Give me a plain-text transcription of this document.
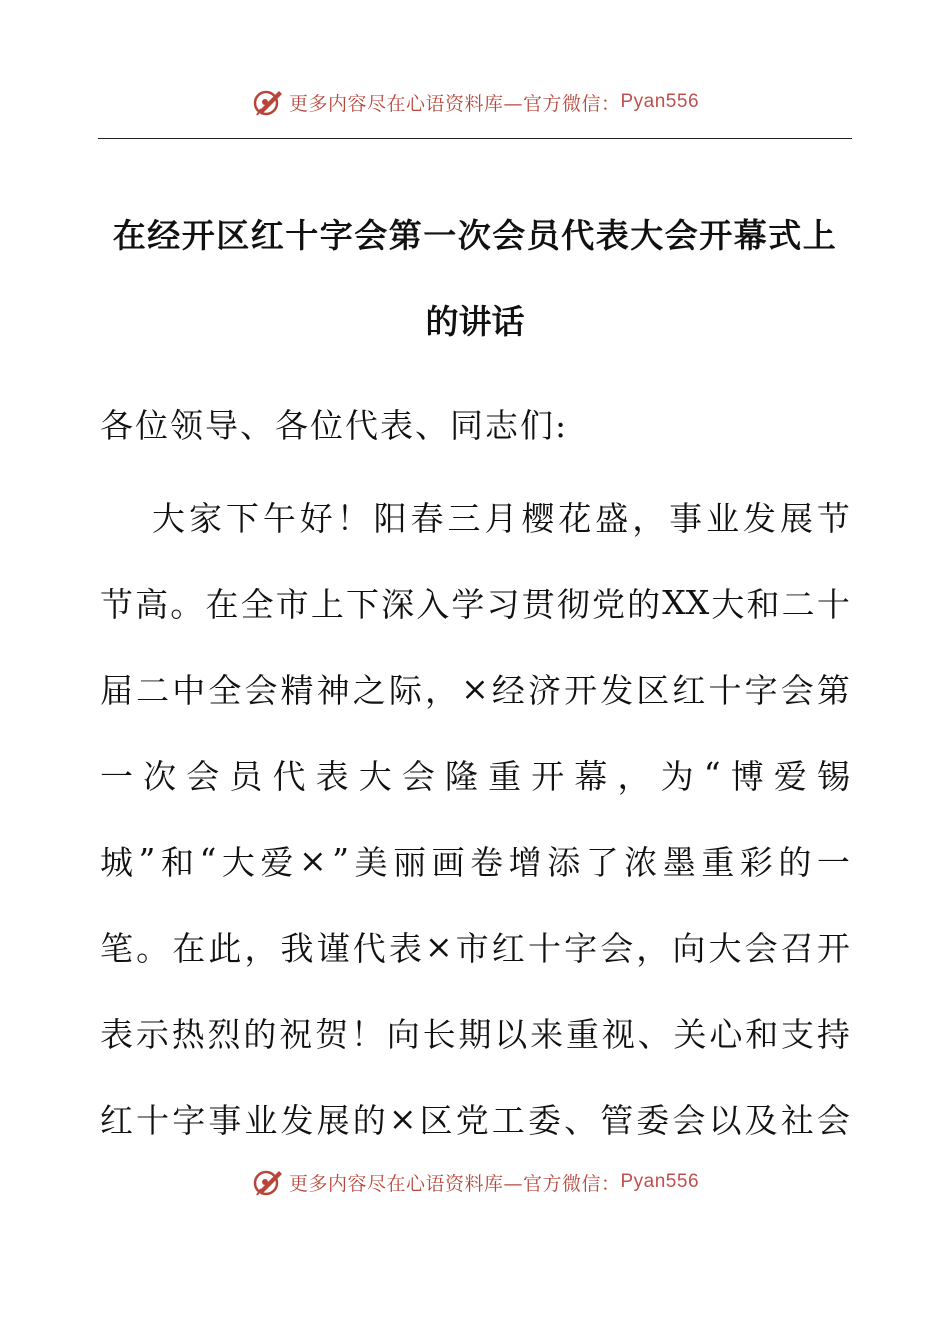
更多内容尽在心语资料库—官方微信： Pyan556
在经开区红十字会第一次会员代表大会开幕式上
的讲话
各位领导、各位代表、同志们:
大 家 下 午 好 ！ 阳 春 三 月 樱 花 盛 ， 事 业 发 展 节
节 高 。 在 全 市 上 下 深 入 学 习 贯 彻 党 的 XX 大 和 二 十
届 二 中 全 会 精 神 之 际 ， × 经 济 开 发 区 红 十 字 会 第
一 次 会 员 代 表 大 会 隆 重 开 幕 ， 为 “ 博 爱 锡
城 ” 和 “ 大 爱 × ” 美 丽 画 卷 增 添 了 浓 墨 重 彩 的 一
笔 。 在 此 ， 我 谨 代 表 × 市 红 十 字 会 ， 向 大 会 召 开
表 示 热 烈 的 祝 贺 ！ 向 长 期 以 来 重 视 、 关 心 和 支 持
红 十 字 事 业 发 展 的 × 区 党 工 委 、 管 委 会 以 及 社 会
更多内容尽在心语资料库—官方微信： Pyan556
